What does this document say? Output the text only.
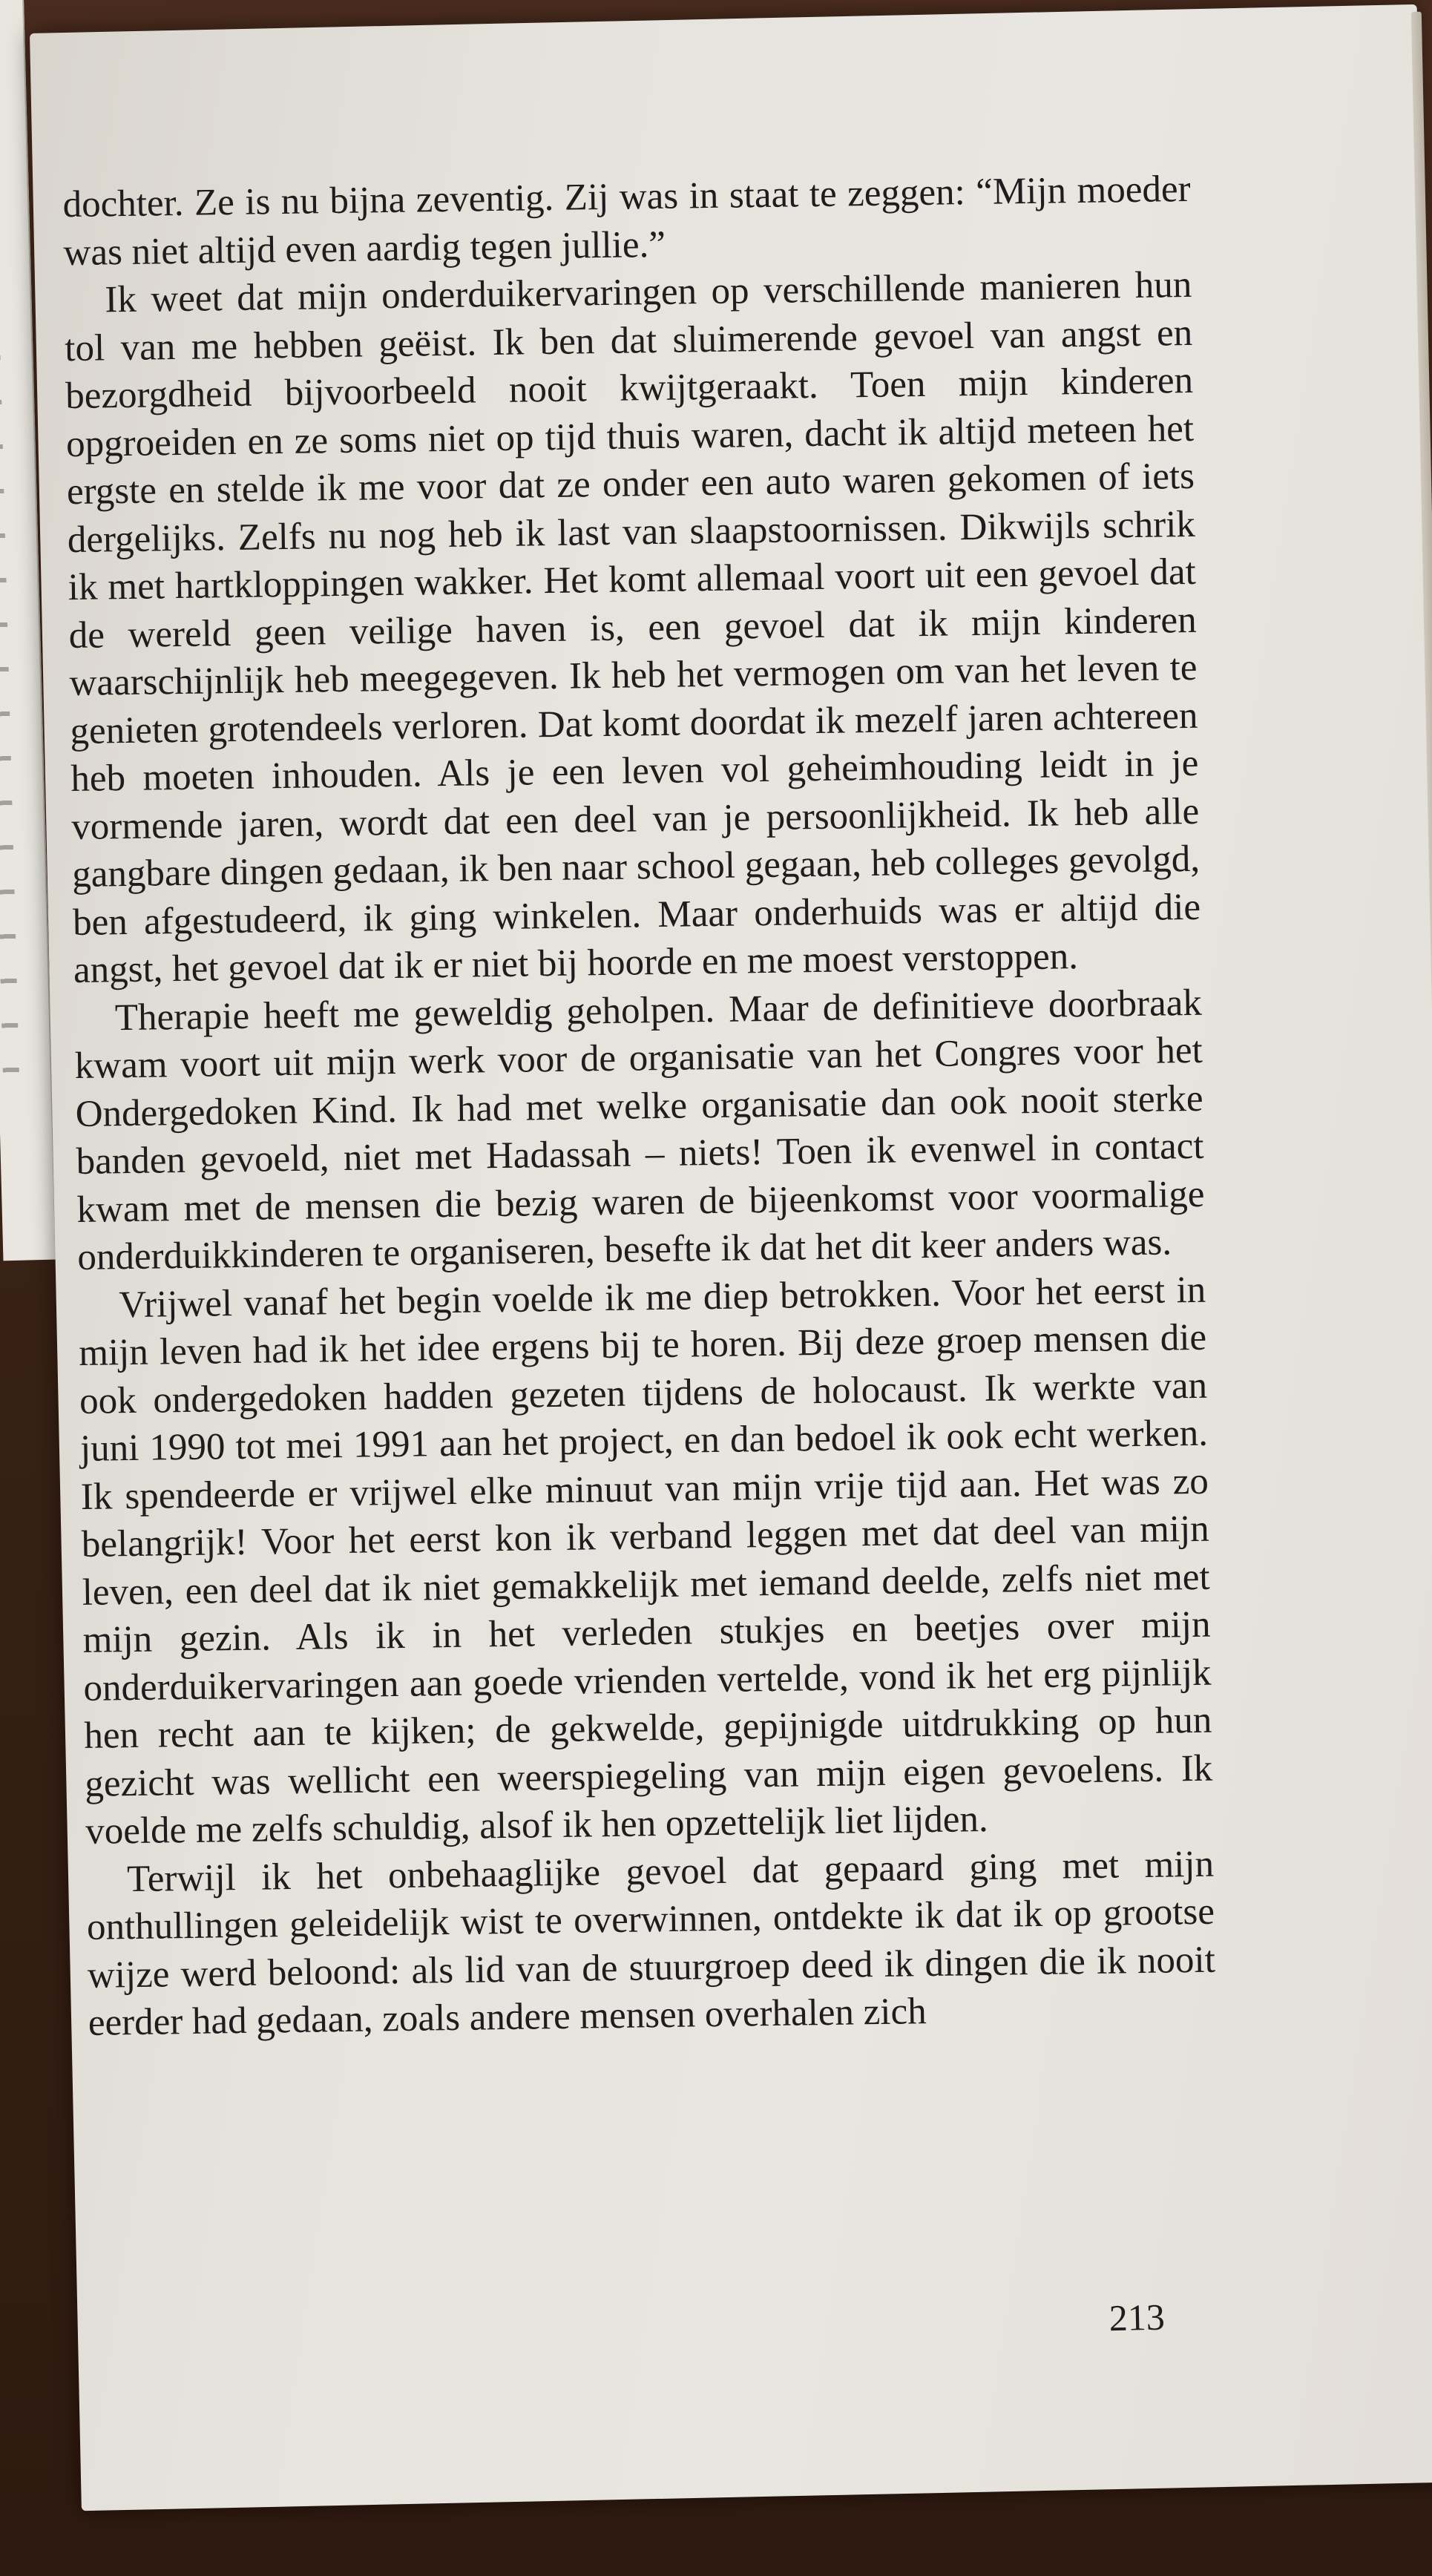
dochter. Ze is nu bijna zeventig. Zij was in staat te zeggen: “Mijn moeder was niet altijd even aardig tegen jullie.”

Ik weet dat mijn onderduikervaringen op verschillende manieren hun tol van me hebben geëist. Ik ben dat sluimerende gevoel van angst en bezorgdheid bijvoorbeeld nooit kwijtgeraakt. Toen mijn kinderen opgroeiden en ze soms niet op tijd thuis waren, dacht ik altijd meteen het ergste en stelde ik me voor dat ze onder een auto waren gekomen of iets dergelijks. Zelfs nu nog heb ik last van slaapstoornissen. Dikwijls schrik ik met hartkloppingen wakker. Het komt allemaal voort uit een gevoel dat de wereld geen veilige haven is, een gevoel dat ik mijn kinderen waarschijnlijk heb meegegeven. Ik heb het vermogen om van het leven te genieten grotendeels verloren. Dat komt doordat ik mezelf jaren achtereen heb moeten inhouden. Als je een leven vol geheimhouding leidt in je vormende jaren, wordt dat een deel van je persoonlijkheid. Ik heb alle gangbare dingen gedaan, ik ben naar school gegaan, heb colleges gevolgd, ben afgestudeerd, ik ging winkelen. Maar onderhuids was er altijd die angst, het gevoel dat ik er niet bij hoorde en me moest verstoppen.

Therapie heeft me geweldig geholpen. Maar de definitieve doorbraak kwam voort uit mijn werk voor de organisatie van het Congres voor het Ondergedoken Kind. Ik had met welke organisatie dan ook nooit sterke banden gevoeld, niet met Hadassah – niets! Toen ik evenwel in contact kwam met de mensen die bezig waren de bijeenkomst voor voormalige onderduikkinderen te organiseren, besefte ik dat het dit keer anders was.

Vrijwel vanaf het begin voelde ik me diep betrokken. Voor het eerst in mijn leven had ik het idee ergens bij te horen. Bij deze groep mensen die ook ondergedoken hadden gezeten tijdens de holocaust. Ik werkte van juni 1990 tot mei 1991 aan het project, en dan bedoel ik ook echt werken. Ik spendeerde er vrijwel elke minuut van mijn vrije tijd aan. Het was zo belangrijk! Voor het eerst kon ik verband leggen met dat deel van mijn leven, een deel dat ik niet gemakkelijk met iemand deelde, zelfs niet met mijn gezin. Als ik in het verleden stukjes en beetjes over mijn onderduikervaringen aan goede vrienden vertelde, vond ik het erg pijnlijk hen recht aan te kijken; de gekwelde, gepijnigde uitdrukking op hun gezicht was wellicht een weerspiegeling van mijn eigen gevoelens. Ik voelde me zelfs schuldig, alsof ik hen opzettelijk liet lijden.

Terwijl ik het onbehaaglijke gevoel dat gepaard ging met mijn onthullingen geleidelijk wist te overwinnen, ontdekte ik dat ik op grootse wijze werd beloond: als lid van de stuurgroep deed ik dingen die ik nooit eerder had gedaan, zoals andere mensen overhalen zich

213
